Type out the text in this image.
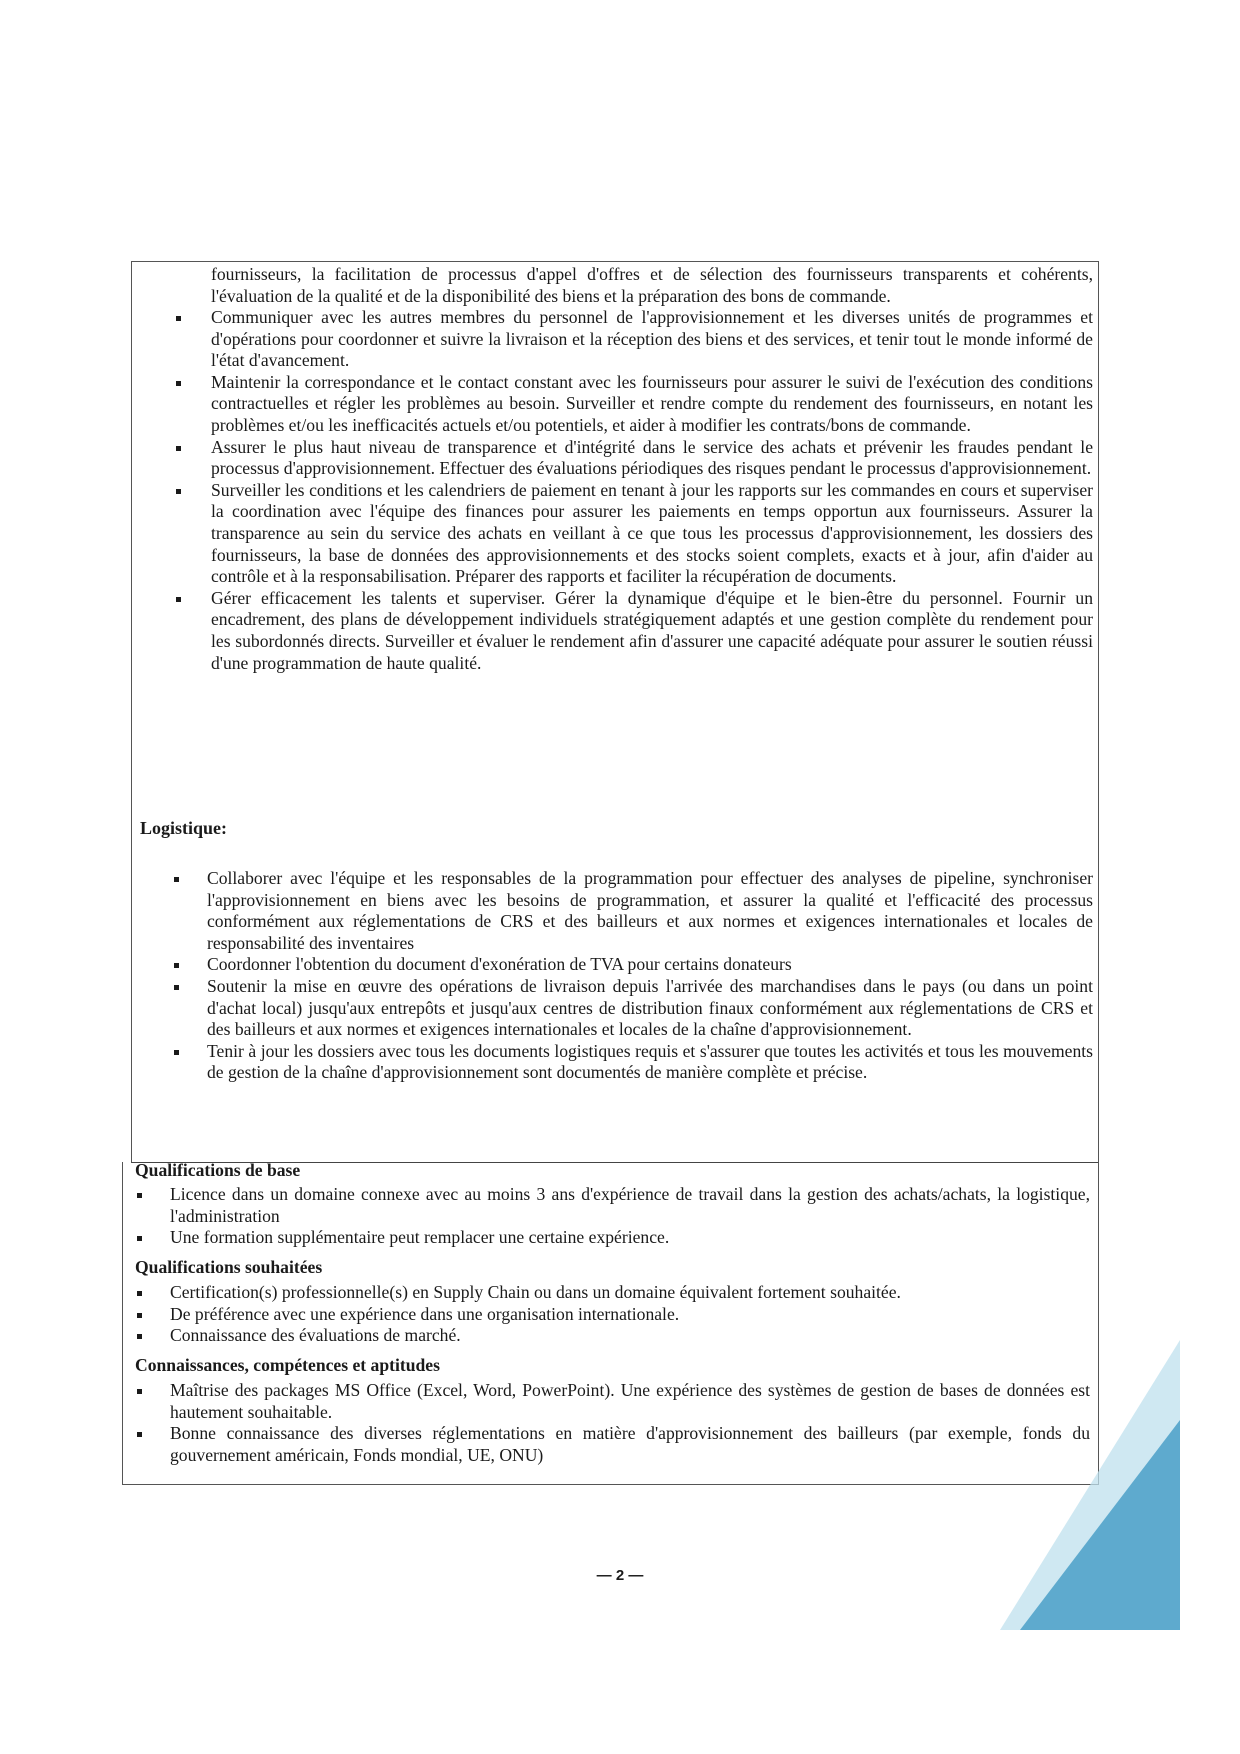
fournisseurs, la facilitation de processus d'appel d'offres et de sélection des fournisseurs transparents et cohérents, l'évaluation de la qualité et de la disponibilité des biens et la préparation des bons de commande.

Communiquer avec les autres membres du personnel de l'approvisionnement et les diverses unités de programmes et d'opérations pour coordonner et suivre la livraison et la réception des biens et des services, et tenir tout le monde informé de l'état d'avancement.
Maintenir la correspondance et le contact constant avec les fournisseurs pour assurer le suivi de l'exécution des conditions contractuelles et régler les problèmes au besoin. Surveiller et rendre compte du rendement des fournisseurs, en notant les problèmes et/ou les inefficacités actuels et/ou potentiels, et aider à modifier les contrats/bons de commande.
Assurer le plus haut niveau de transparence et d'intégrité dans le service des achats et prévenir les fraudes pendant le processus d'approvisionnement. Effectuer des évaluations périodiques des risques pendant le processus d'approvisionnement.
Surveiller les conditions et les calendriers de paiement en tenant à jour les rapports sur les commandes en cours et superviser la coordination avec l'équipe des finances pour assurer les paiements en temps opportun aux fournisseurs. Assurer la transparence au sein du service des achats en veillant à ce que tous les processus d'approvisionnement, les dossiers des fournisseurs, la base de données des approvisionnements et des stocks soient complets, exacts et à jour, afin d'aider au contrôle et à la responsabilisation. Préparer des rapports et faciliter la récupération de documents.
Gérer efficacement les talents et superviser. Gérer la dynamique d'équipe et le bien-être du personnel. Fournir un encadrement, des plans de développement individuels stratégiquement adaptés et une gestion complète du rendement pour les subordonnés directs. Surveiller et évaluer le rendement afin d'assurer une capacité adéquate pour assurer le soutien réussi d'une programmation de haute qualité.
Logistique:
Collaborer avec l'équipe et les responsables de la programmation pour effectuer des analyses de pipeline, synchroniser l'approvisionnement en biens avec les besoins de programmation, et assurer la qualité et l'efficacité des processus conformément aux réglementations de CRS et des bailleurs et aux normes et exigences internationales et locales de responsabilité des inventaires
Coordonner l'obtention du document d'exonération de TVA pour certains donateurs
Soutenir la mise en œuvre des opérations de livraison depuis l'arrivée des marchandises dans le pays (ou dans un point d'achat local) jusqu'aux entrepôts et jusqu'aux centres de distribution finaux conformément aux réglementations de CRS et des bailleurs et aux normes et exigences internationales et locales de la chaîne d'approvisionnement.
Tenir à jour les dossiers avec tous les documents logistiques requis et s'assurer que toutes les activités et tous les mouvements de gestion de la chaîne d'approvisionnement sont documentés de manière complète et précise.
Qualifications de base
Licence dans un domaine connexe avec au moins 3 ans d'expérience de travail dans la gestion des achats/achats, la logistique, l'administration
Une formation supplémentaire peut remplacer une certaine expérience.
Qualifications souhaitées
Certification(s) professionnelle(s) en Supply Chain ou dans un domaine équivalent fortement souhaitée.
De préférence avec une expérience dans une organisation internationale.
Connaissance des évaluations de marché.
Connaissances, compétences et aptitudes
Maîtrise des packages MS Office (Excel, Word, PowerPoint). Une expérience des systèmes de gestion de bases de données est hautement souhaitable.
Bonne connaissance des diverses réglementations en matière d'approvisionnement des bailleurs (par exemple, fonds du gouvernement américain, Fonds mondial, UE, ONU)
— 2 —
